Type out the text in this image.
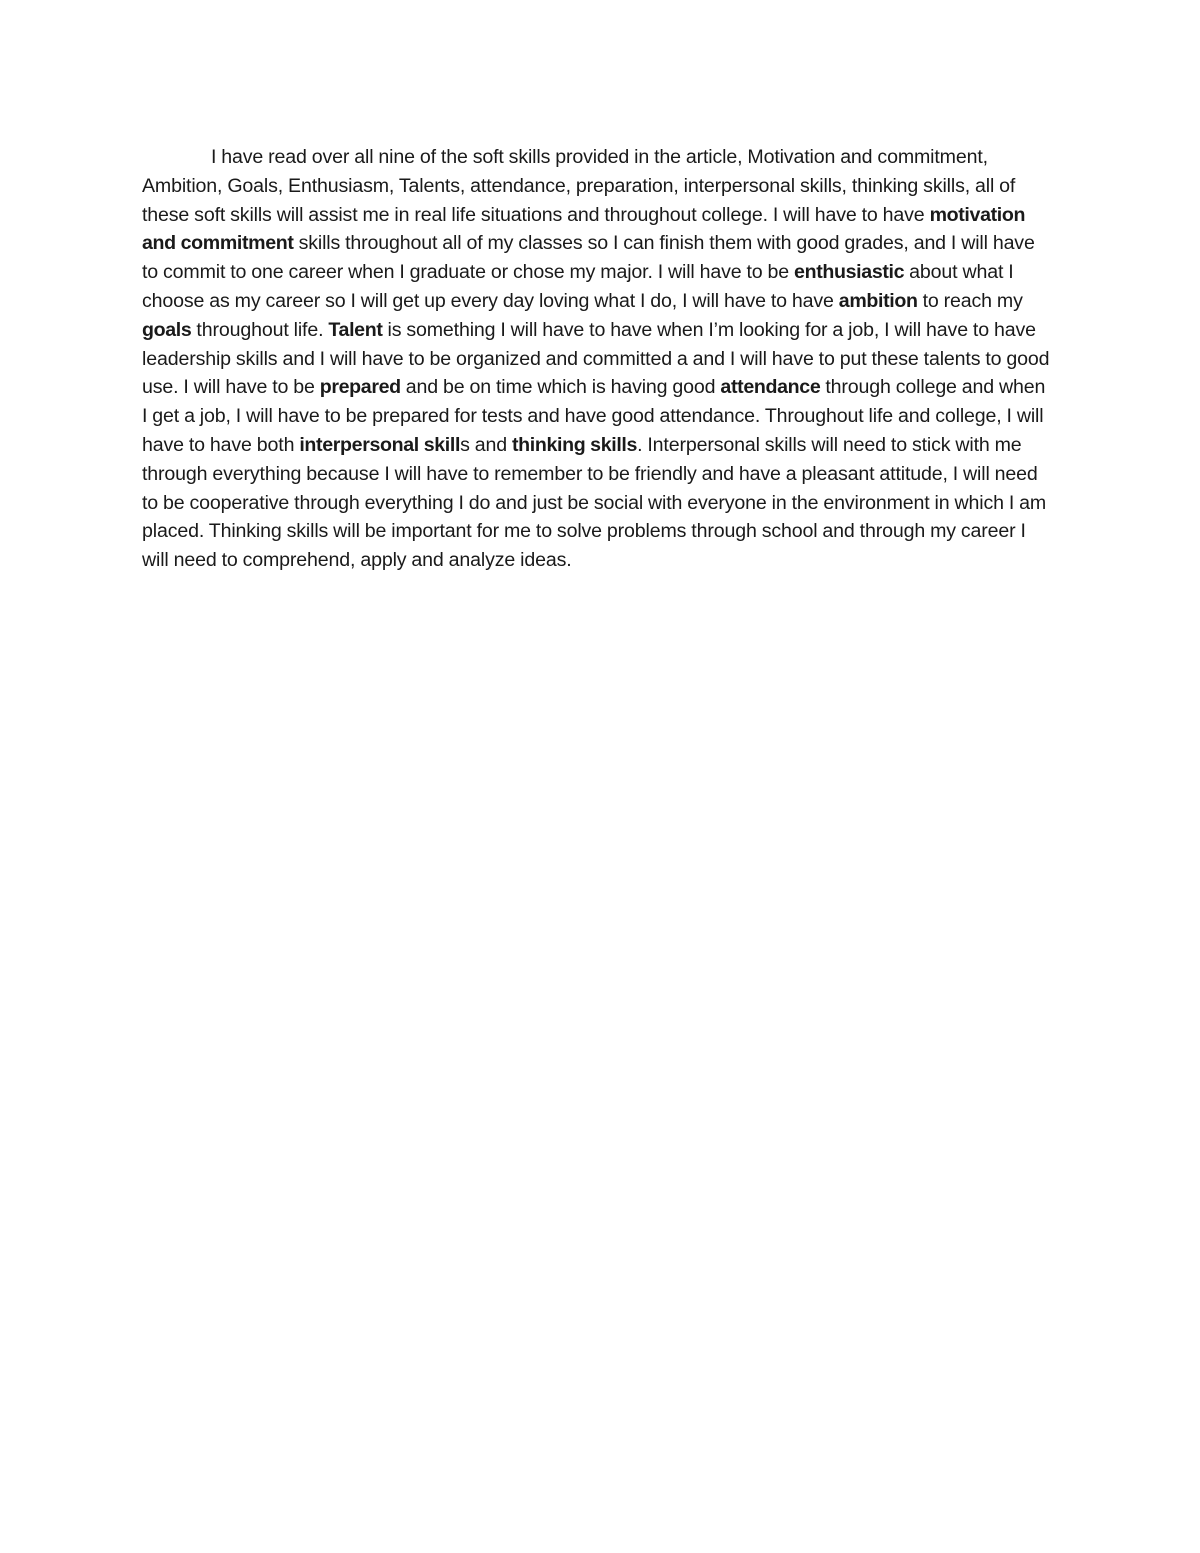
I have read over all nine of the soft skills provided in the article, Motivation and commitment, Ambition, Goals, Enthusiasm, Talents, attendance, preparation, interpersonal skills, thinking skills, all of these soft skills will assist me in real life situations and throughout college. I will have to have motivation and commitment skills throughout all of my classes so I can finish them with good grades, and I will have to commit to one career when I graduate or chose my major. I will have to be enthusiastic about what I choose as my career so I will get up every day loving what I do, I will have to have ambition to reach my goals throughout life. Talent is something I will have to have when I’m looking for a job, I will have to have leadership skills and I will have to be organized and committed a and I will have to put these talents to good use. I will have to be prepared and be on time which is having good attendance through college and when I get a job, I will have to be prepared for tests and have good attendance. Throughout life and college, I will have to have both interpersonal skills and thinking skills. Interpersonal skills will need to stick with me through everything because I will have to remember to be friendly and have a pleasant attitude, I will need to be cooperative through everything I do and just be social with everyone in the environment in which I am placed. Thinking skills will be important for me to solve problems through school and through my career I will need to comprehend, apply and analyze ideas.
